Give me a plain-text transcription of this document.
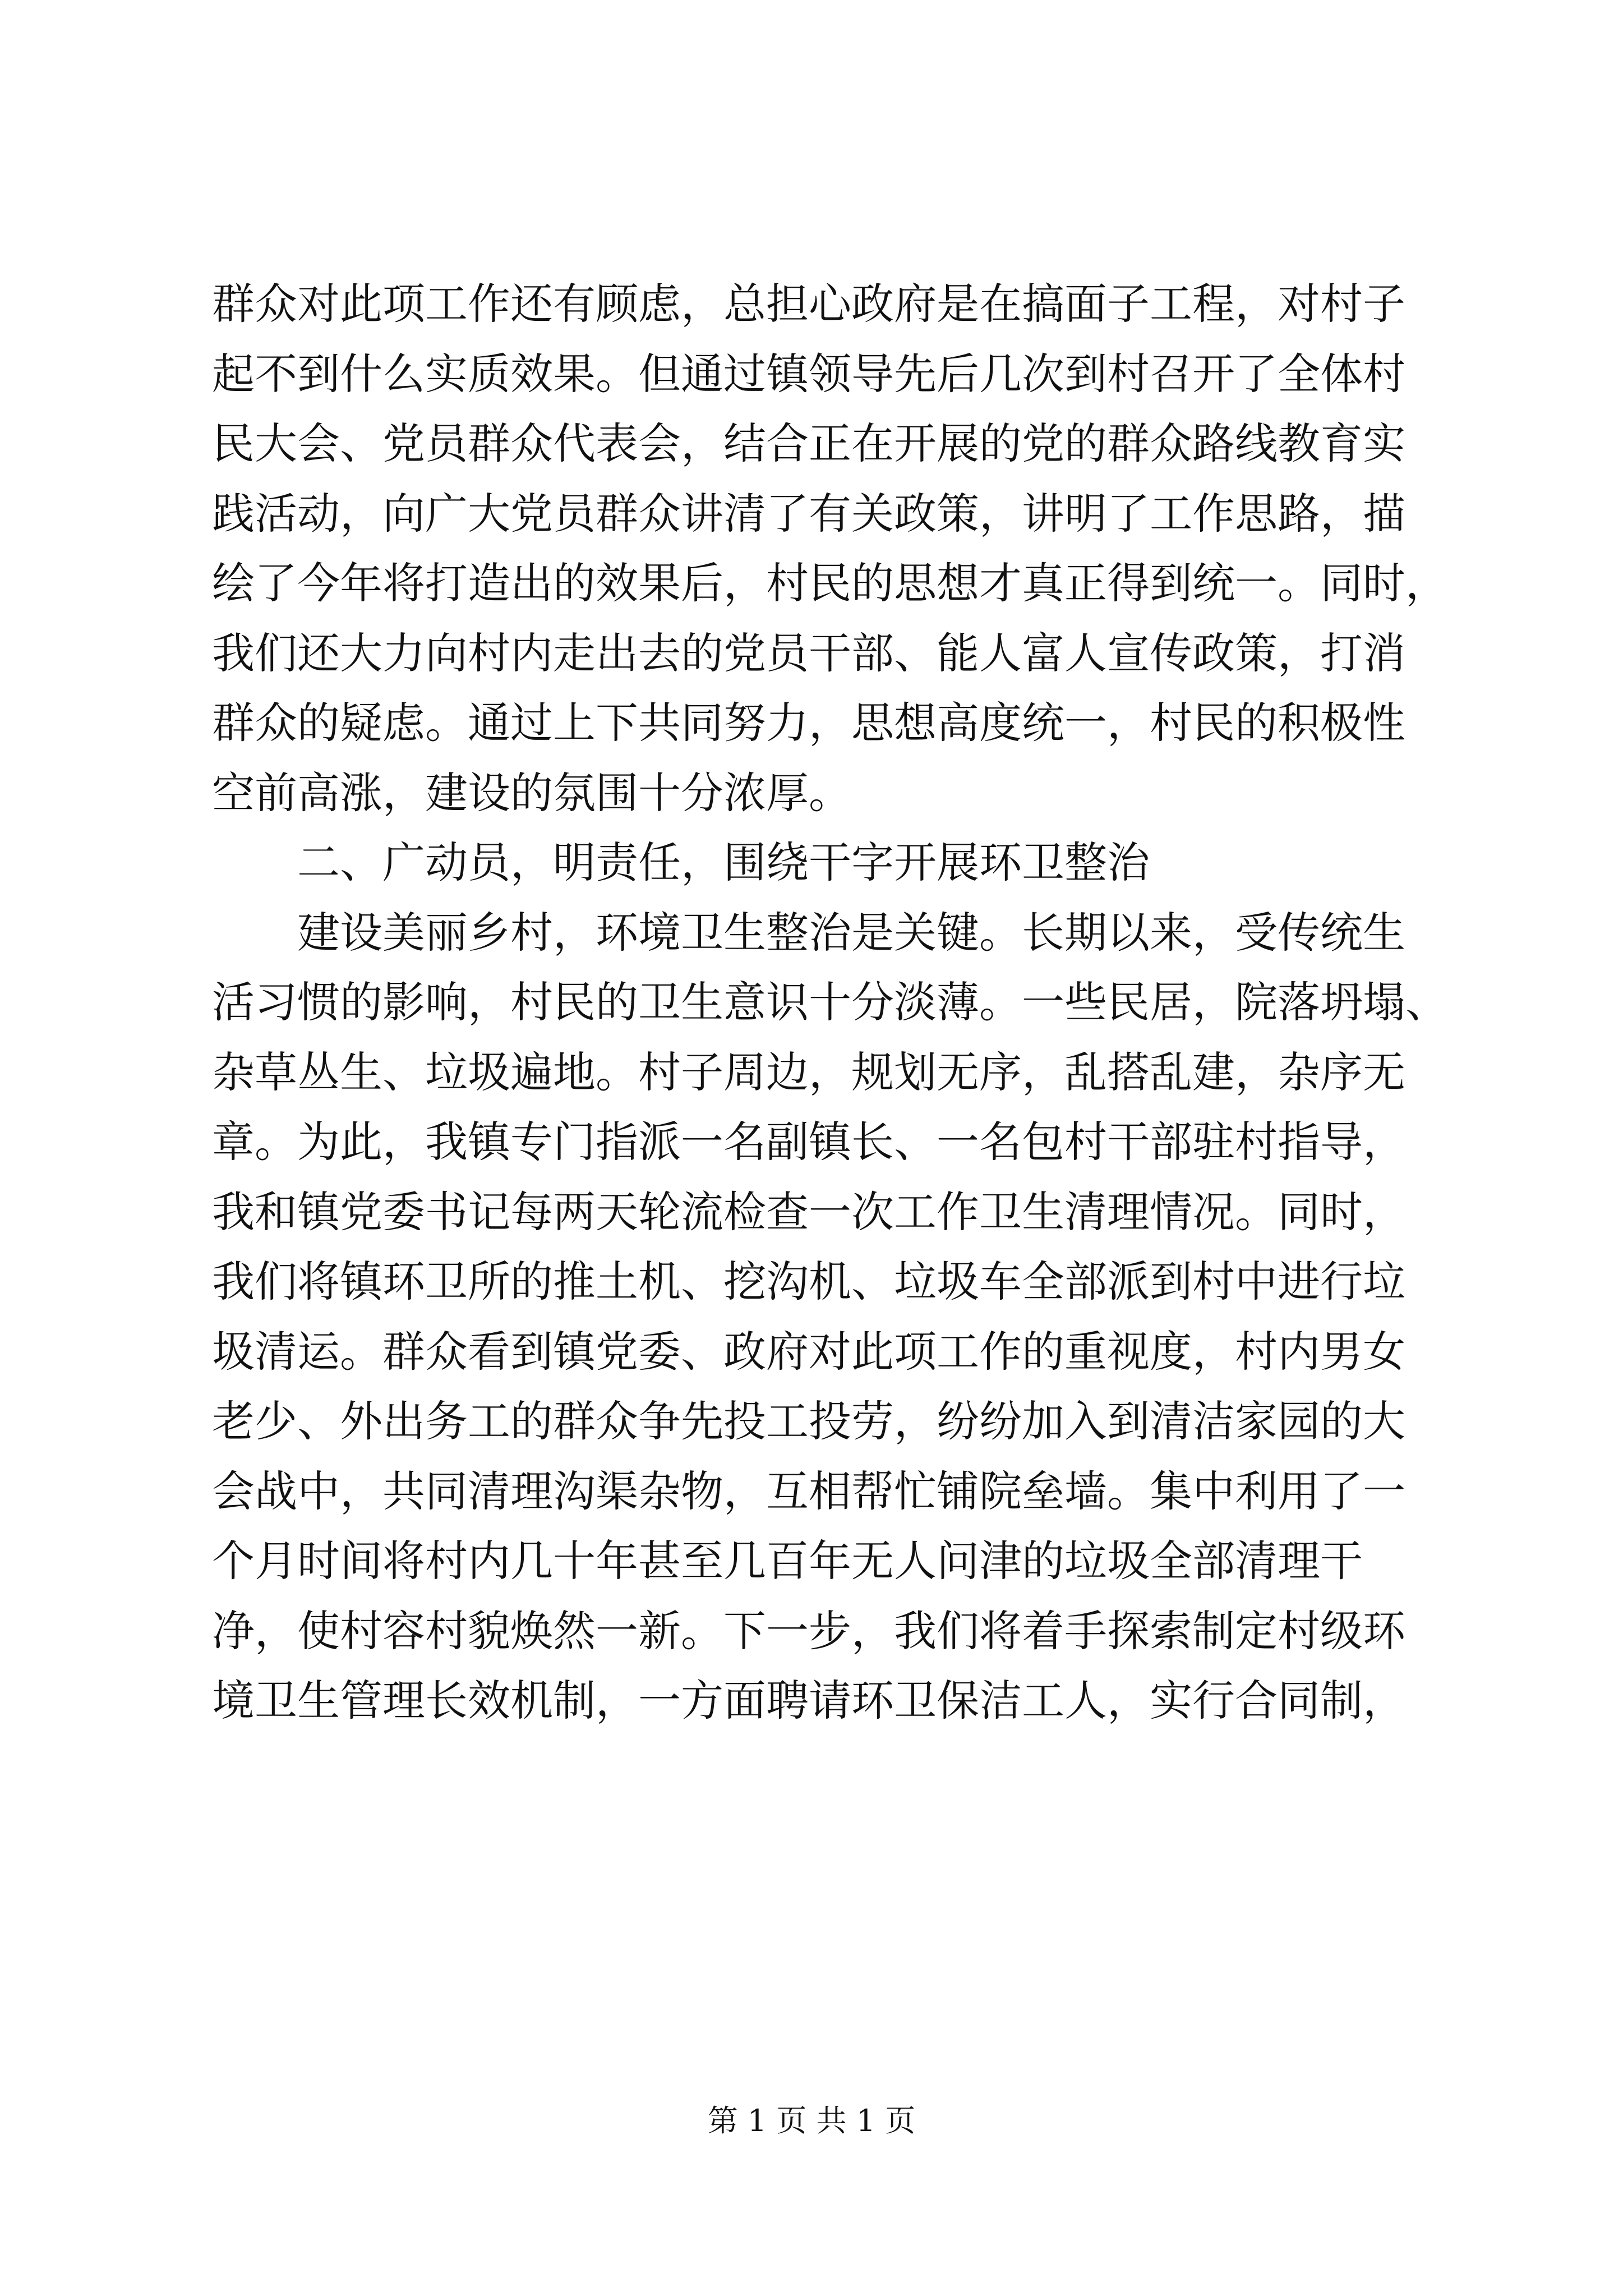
群众对此项工作还有顾虑，总担心政府是在搞面子工程，对村子
起不到什么实质效果。但通过镇领导先后几次到村召开了全体村
民大会、党员群众代表会，结合正在开展的党的群众路线教育实
践活动，向广大党员群众讲清了有关政策，讲明了工作思路，描
绘了今年将打造出的效果后，村民的思想才真正得到统一。同时，
我们还大力向村内走出去的党员干部、能人富人宣传政策，打消
群众的疑虑。通过上下共同努力，思想高度统一，村民的积极性
空前高涨，建设的氛围十分浓厚。
二、广动员，明责任，围绕干字开展环卫整治
建设美丽乡村，环境卫生整治是关键。长期以来，受传统生
活习惯的影响，村民的卫生意识十分淡薄。一些民居，院落坍塌、
杂草丛生、垃圾遍地。村子周边，规划无序，乱搭乱建，杂序无
章。为此，我镇专门指派一名副镇长、一名包村干部驻村指导，
我和镇党委书记每两天轮流检查一次工作卫生清理情况。同时，
我们将镇环卫所的推土机、挖沟机、垃圾车全部派到村中进行垃
圾清运。群众看到镇党委、政府对此项工作的重视度，村内男女
老少、外出务工的群众争先投工投劳，纷纷加入到清洁家园的大
会战中，共同清理沟渠杂物，互相帮忙铺院垒墙。集中利用了一
个月时间将村内几十年甚至几百年无人问津的垃圾全部清理干
净，使村容村貌焕然一新。下一步，我们将着手探索制定村级环
境卫生管理长效机制，一方面聘请环卫保洁工人，实行合同制，
第 1 页 共 1 页
